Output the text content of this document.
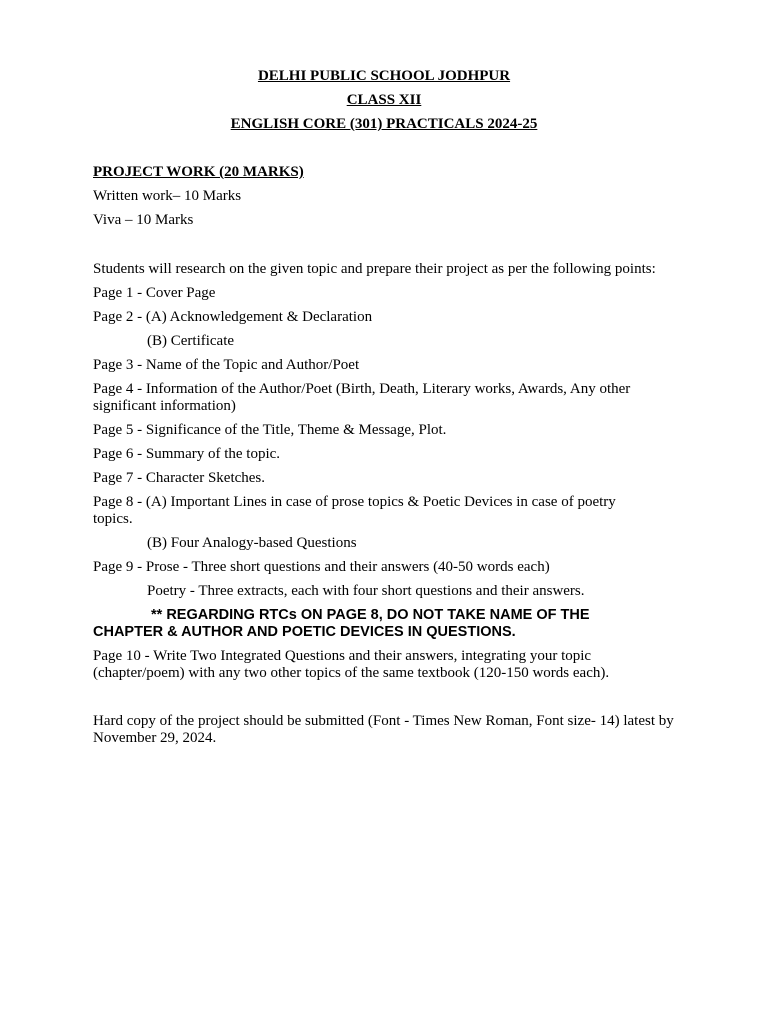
DELHI PUBLIC SCHOOL JODHPUR
CLASS XII
ENGLISH CORE (301) PRACTICALS 2024-25
PROJECT WORK (20 MARKS)
Written work– 10 Marks
Viva – 10 Marks
Students will research on the given topic and prepare their project as per the following points:
Page 1 - Cover Page
Page 2 - (A) Acknowledgement & Declaration
(B) Certificate
Page 3 - Name of the Topic and Author/Poet
Page 4 - Information of the Author/Poet (Birth, Death, Literary works, Awards, Any other significant information)
Page 5 - Significance of the Title, Theme & Message, Plot.
Page 6 - Summary of the topic.
Page 7 - Character Sketches.
Page 8 - (A) Important Lines in case of prose topics & Poetic Devices in case of poetry topics.
(B) Four Analogy-based Questions
Page 9 - Prose - Three short questions and their answers (40-50 words each)
Poetry - Three extracts, each with four short questions and their answers.
** REGARDING RTCs ON PAGE 8, DO NOT TAKE NAME OF THE
CHAPTER & AUTHOR AND POETIC DEVICES IN QUESTIONS.
Page 10 - Write Two Integrated Questions and their answers, integrating your topic (chapter/poem) with any two other topics of the same textbook (120-150 words each).
Hard copy of the project should be submitted (Font - Times New Roman, Font size- 14) latest by November 29, 2024.
